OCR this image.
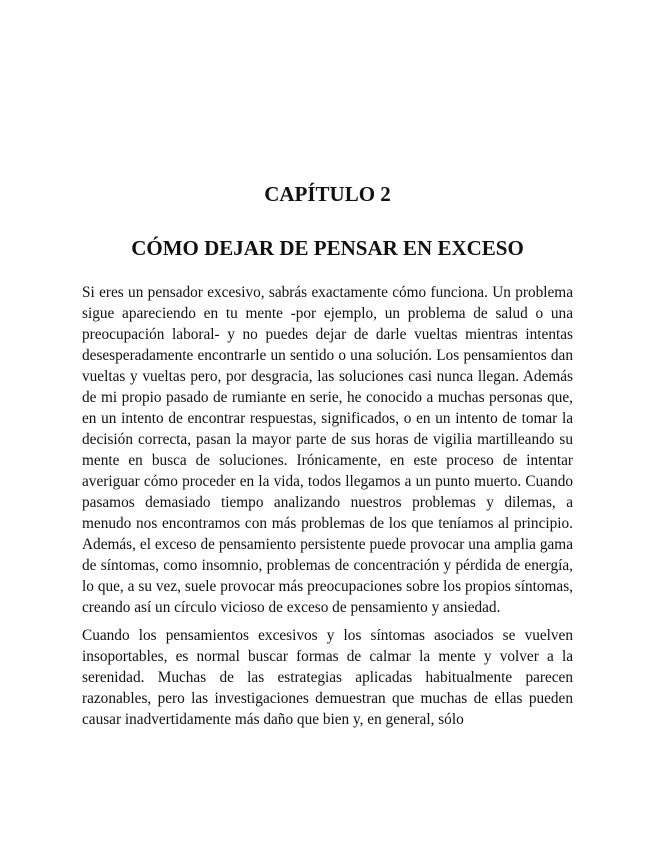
CAPÍTULO 2
CÓMO DEJAR DE PENSAR EN EXCESO

Si eres un pensador excesivo, sabrás exactamente cómo funciona. Un problema sigue apareciendo en tu mente -por ejemplo, un problema de salud o una preocupación laboral- y no puedes dejar de darle vueltas mientras intentas desesperadamente encontrarle un sentido o una solución. Los pensamientos dan vueltas y vueltas pero, por desgracia, las soluciones casi nunca llegan. Además de mi propio pasado de rumiante en serie, he conocido a muchas personas que, en un intento de encontrar respuestas, significados, o en un intento de tomar la decisión correcta, pasan la mayor parte de sus horas de vigilia martilleando su mente en busca de soluciones. Irónicamente, en este proceso de intentar averiguar cómo proceder en la vida, todos llegamos a un punto muerto. Cuando pasamos demasiado tiempo analizando nuestros problemas y dilemas, a menudo nos encontramos con más problemas de los que teníamos al principio. Además, el exceso de pensamiento persistente puede provocar una amplia gama de síntomas, como insomnio, problemas de concentración y pérdida de energía, lo que, a su vez, suele provocar más preocupaciones sobre los propios síntomas, creando así un círculo vicioso de exceso de pensamiento y ansiedad.

Cuando los pensamientos excesivos y los síntomas asociados se vuelven insoportables, es normal buscar formas de calmar la mente y volver a la serenidad. Muchas de las estrategias aplicadas habitualmente parecen razonables, pero las investigaciones demuestran que muchas de ellas pueden causar inadvertidamente más daño que bien y, en general, sólo
